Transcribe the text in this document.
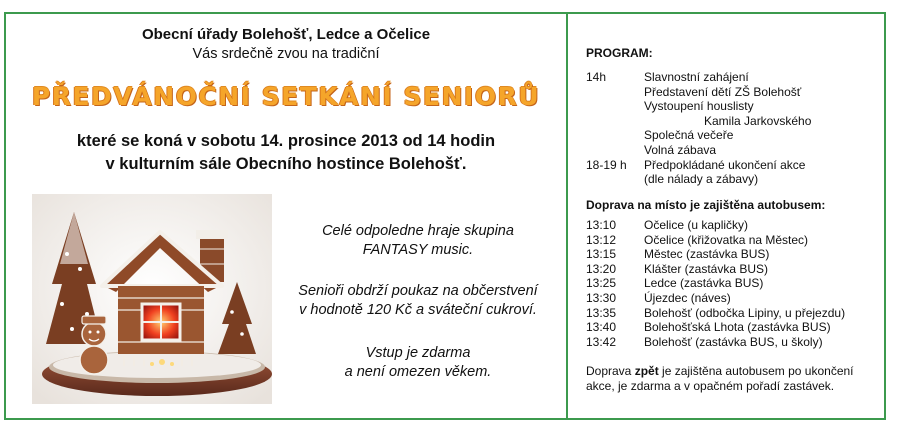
Obecní úřady Bolehošť, Ledce a Očelice
Vás srdečně zvou na tradiční
PŘEDVÁNOČNÍ SETKÁNÍ SENIORŮ
které se koná v sobotu 14. prosince 2013 od 14 hodin
v kulturním sále Obecního hostince Bolehošť.
Celé odpoledne hraje skupina
FANTASY music.
Senioři obdrží poukaz na občerstvení
v hodnotě 120 Kč a sváteční cukroví.
Vstup je zdarma
a není omezen věkem.
PROGRAM:
14h	Slavnostní zahájení
Představení dětí ZŠ Bolehošť
Vystoupení houslisty
Kamila Jarkovského
Společná večeře
Volná zábava
18-19 h	Předpokládané ukončení akce
(dle nálady a zábavy)
Doprava na místo je zajištěna autobusem:
13:10	Očelice (u kapličky)
13:12	Očelice (křižovatka na Městec)
13:15	Městec (zastávka BUS)
13:20	Klášter (zastávka BUS)
13:25	Ledce (zastávka BUS)
13:30	Újezdec (náves)
13:35	Bolehošť (odbočka Lipiny, u přejezdu)
13:40	Bolehošťská Lhota (zastávka BUS)
13:42	Bolehošť (zastávka BUS, u školy)
Doprava zpět je zajištěna autobusem po ukončení akce, je zdarma a v opačném pořadí zastávek.
